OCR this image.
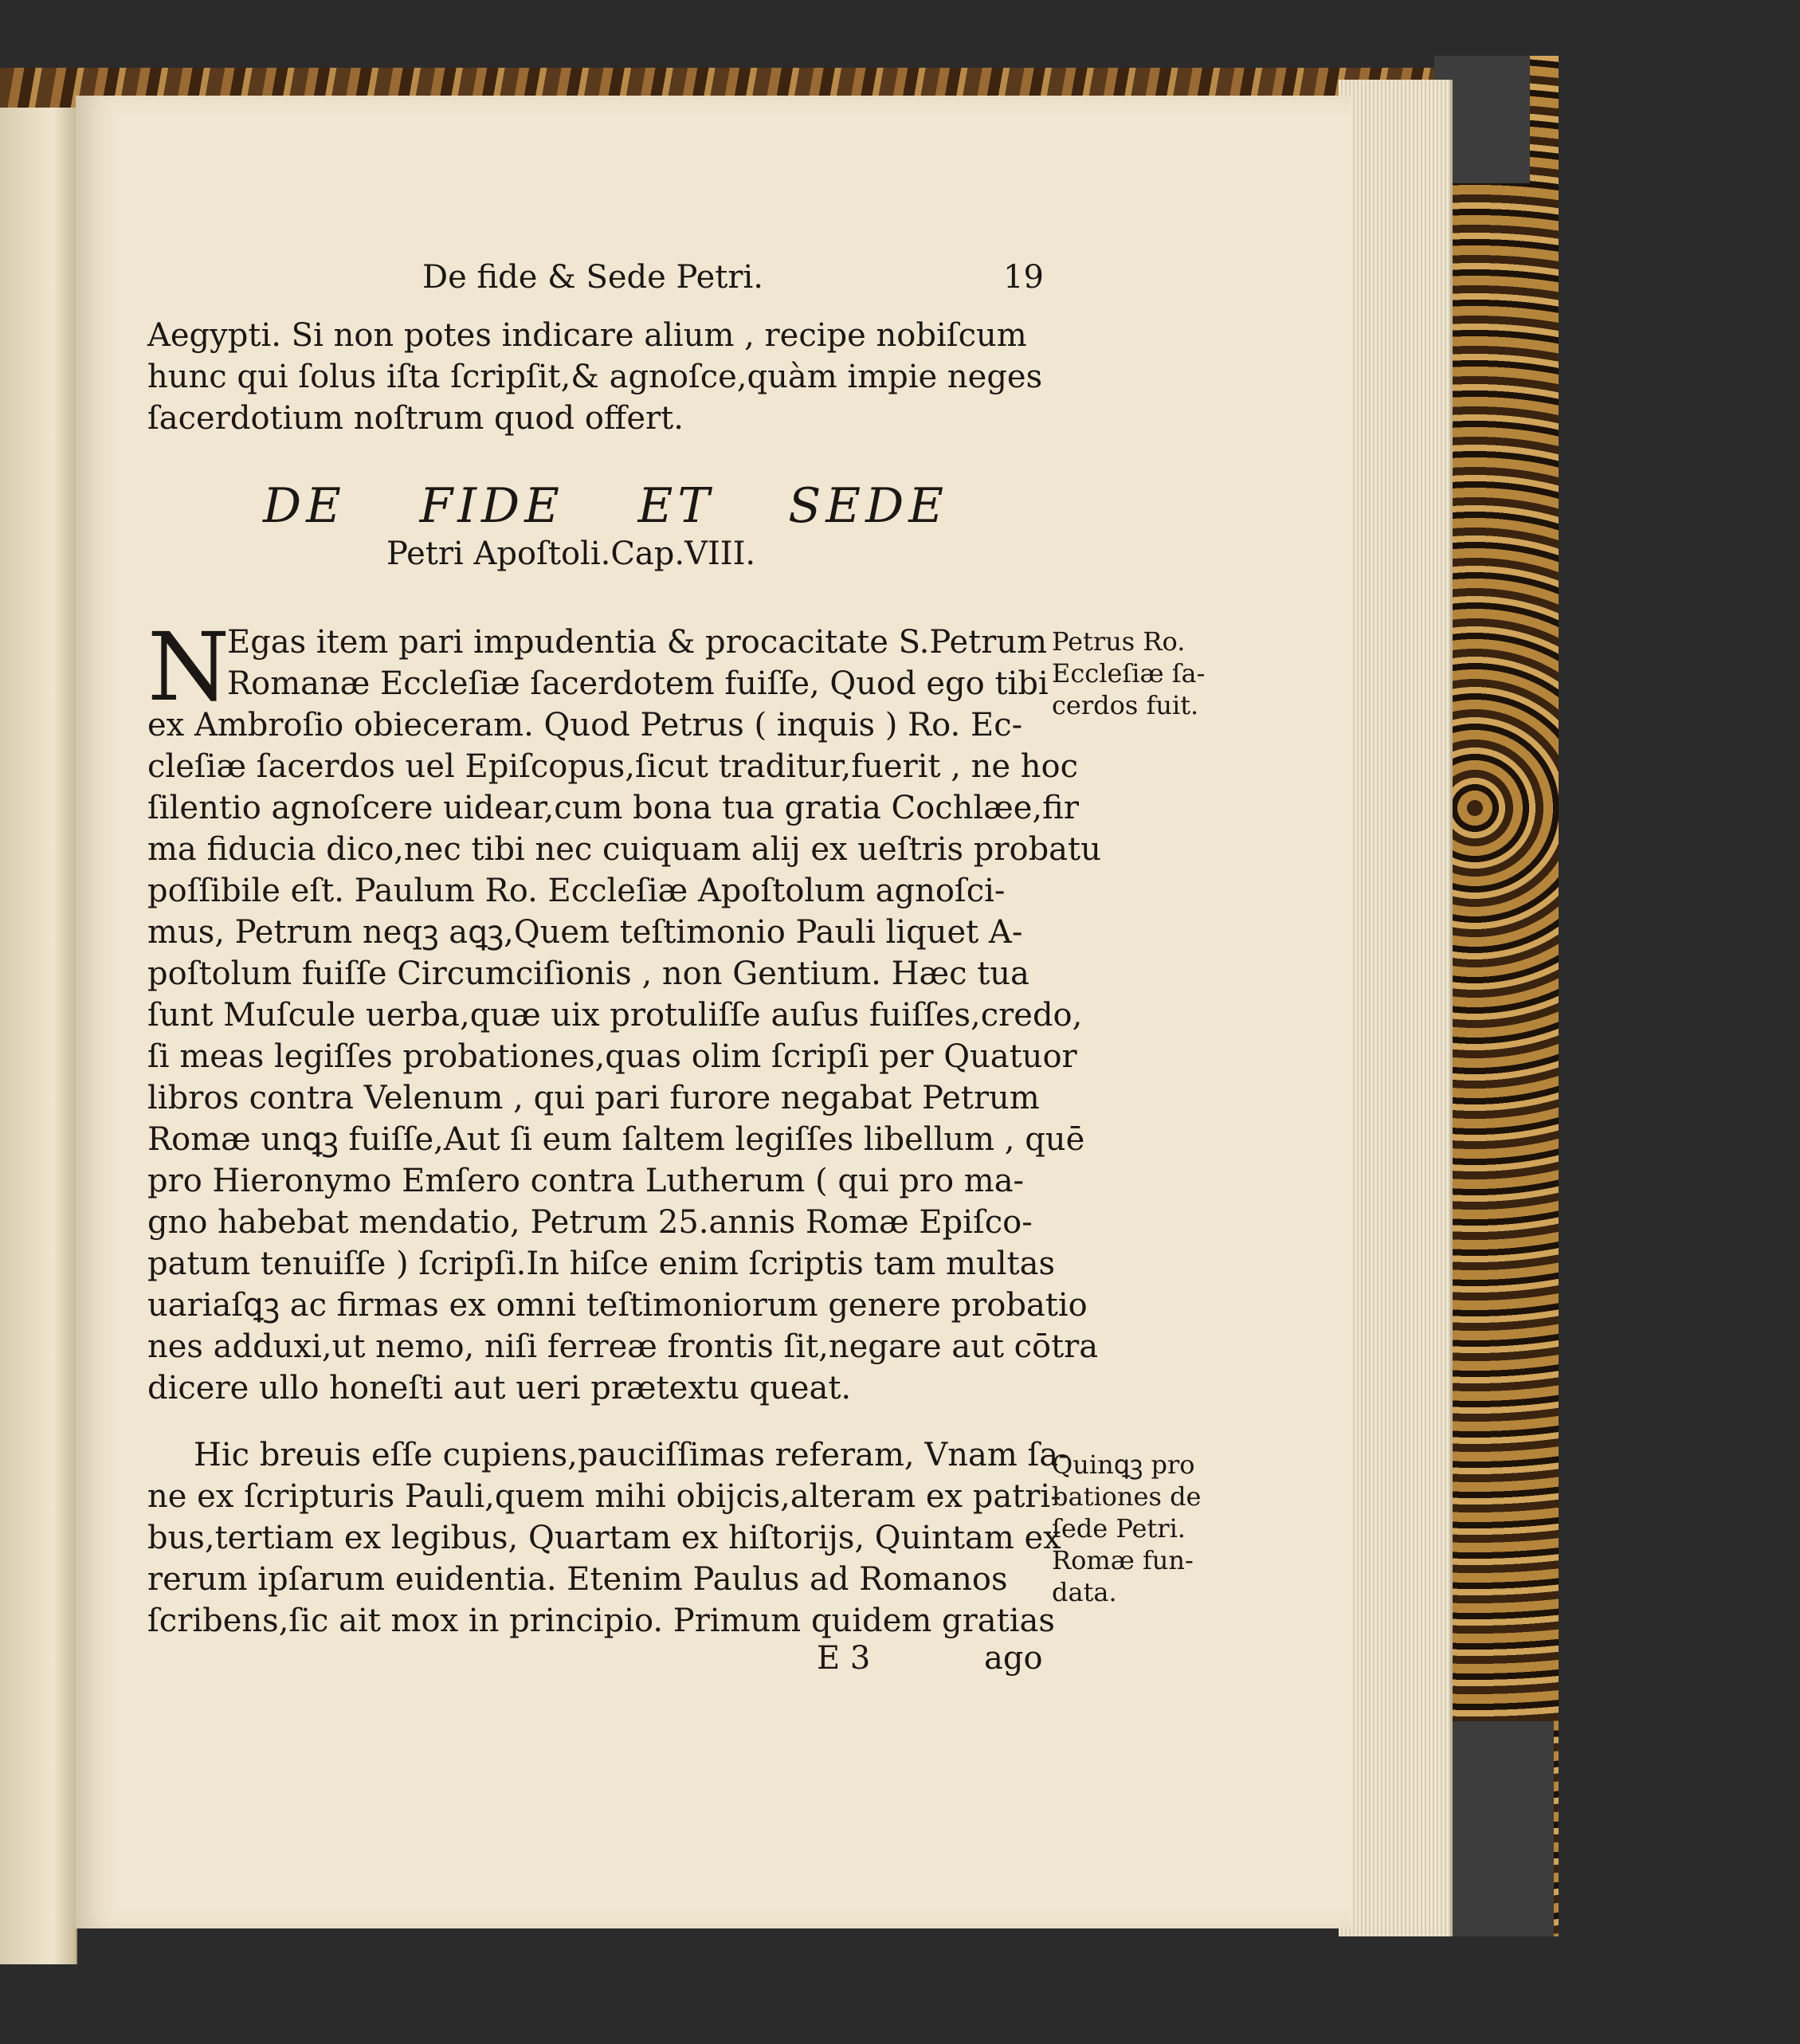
De fide & Sede Petri.	19
Aegypti. Si non potes indicare alium , recipe nobiſcum
hunc qui ſolus iſta ſcripſit,& agnoſce,quàm impie neges
ſacerdotium noſtrum quod offert.
DE FIDE ET SEDE
Petri Apoſtoli.Cap.VIII.
N
Egas item pari impudentia & procacitate S.Petrum
Romanæ Eccleſiæ ſacerdotem fuiſſe, Quod ego tibi
ex Ambroſio obieceram. Quod Petrus ( inquis ) Ro. Ec-
cleſiæ ſacerdos uel Epiſcopus,ſicut traditur,fuerit , ne hoc
ſilentio agnoſcere uidear,cum bona tua gratia Cochlæe,fir
ma fiducia dico,nec tibi nec cuiquam alij ex ueſtris probatu
poſſibile eſt. Paulum Ro. Eccleſiæ Apoſtolum agnoſci-
mus, Petrum neqꝫ aꝗꝫ,Quem teſtimonio Pauli liquet A-
poſtolum fuiſſe Circumciſionis , non Gentium. Hæc tua
ſunt Muſcule uerba,quæ uix protuliſſe auſus fuiſſes,credo,
ſi meas legiſſes probationes,quas olim ſcripſi per Quatuor
libros contra Velenum , qui pari furore negabat Petrum
Romæ unꝗꝫ fuiſſe,Aut ſi eum ſaltem legiſſes libellum , quē
pro Hieronymo Emſero contra Lutherum ( qui pro ma-
gno habebat mendatio, Petrum 25.annis Romæ Epiſco-
patum tenuiſſe ) ſcripſi.In hiſce enim ſcriptis tam multas
uariaſꝗꝫ ac firmas ex omni teſtimoniorum genere probatio
nes adduxi,ut nemo, niſi ferreæ frontis ſit,negare aut cōtra
dicere ullo honeſti aut ueri prætextu queat.
Hic breuis eſſe cupiens,pauciſſimas referam, Vnam ſa-
ne ex ſcripturis Pauli,quem mihi obijcis,alteram ex patri-
bus,tertiam ex legibus, Quartam ex hiſtorijs, Quintam ex
rerum ipſarum euidentia. Etenim Paulus ad Romanos
ſcribens,ſic ait mox in principio. Primum quidem gratias
Petrus Ro.
Eccleſiæ ſa-
cerdos fuit.
Quinꝗꝫ pro
bationes de
ſede Petri.
Romæ fun-
data.
E 3	ago
